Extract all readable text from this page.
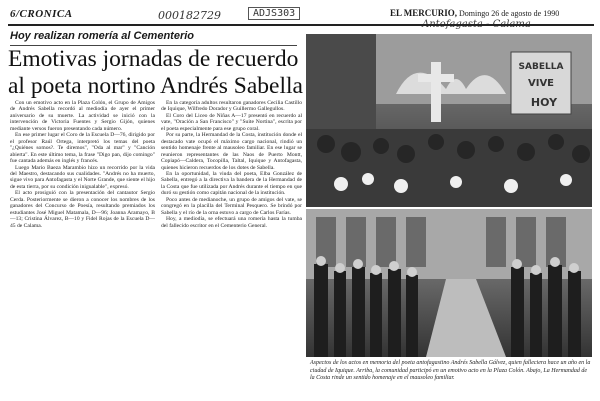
6/CRONICA	000182729	ADJS303	EL MERCURIO, Domingo 26 de agosto de 1990
Antofagasta - Calama
Hoy realizan romería al Cementerio
Emotivas jornadas de recuerdo al poeta nortino Andrés Sabella

Con un emotivo acto en la Plaza Colón, el Grupo de Amigos de Andrés Sabella recordó al mediodía de ayer el primer aniversario de su muerte. La actividad se inició con la intervención de Victoria Fuentes y Sergio Gijón, quienes mediante versos fueron presentando cada número.

En ese primer lugar el Coro de la Escuela D—76, dirigido por el profesor Raúl Ortega, interpretó los temas del poeta "¿Quiénes somos?. Te diremos", "Oda al mar" y "Canción abierta". En este último tema, la frase "Digo pan, dijo comingo" fue cantada además en inglés y francés.

Luego Mario Baeza Marambio hizo un recorrido por la vida del Maestro, destacando sus cualidades. "Andrés no ha muerto, sigue vivo para Antofagasta y el Norte Grande, que siente el hijo de esta tierra, por su condición inigualable", expresó.

El acto prosiguió con la presentación del cantautor Sergio Cerda. Posteriormente se dieron a conocer los nombres de los ganadores del Concurso de Poesía, resultando premiados los estudiantes José Miguel Matamala, D—96; Joanna Aramayo, B—13; Cristina Álvarez, B—10 y Fidel Rojas de la Escuela D—45 de Calama.

En la categoría adultos resultaron ganadores Cecilia Castillo de Iquique, Wilfredo Dorador y Guillermo Gallegullos.

El Coro del Liceo de Niñas A—17 presentó en recuerdo al vate, "Oración a San Francisco" y "Suite Nortina", escrita por el poeta especialmente para ese grupo coral.

Por su parte, la Hermandad de la Costa, institución donde el destacado vate ocupó el máximo cargo nacional, rindió un sentido homenaje frente al mausoleo familiar. En ese lugar se reunieron representantes de las Naos de Puerto Montt, Copiapó—Caldera, Tocopilla, Taltal, Iquique y Antofagasta, quienes hicieron recuerdos de los dotes de Sabella.

En la oportunidad, la viuda del poeta, Elba González de Sabella, entregó a la directiva la bandera de la Hermandad de la Costa que fue utilizada por Andrés durante el tiempo en que duró su gestión como capitán nacional de la institución.

Poco antes de medianoche, un grupo de amigos del vate, se congregó en la placilla del Terminal Pesquero. Se brindó por Sabella y el río de la orna estuvo a cargo de Carlos Farías.

Hoy, a mediodía, se efectuará una romería hasta la tumba del fallecido escritor en el Cementerio General.

SABELLA
VIVE
HOY
Aspectos de los actos en memoria del poeta antofagastino Andrés Sabella Gálvez, quien falleciera hace un año en la ciudad de Iquique. Arriba, la comunidad participó en un emotivo acto en la Plaza Colón. Abajo, La Hermandad de la Costa rinde un sentido homenaje en el mausoleo familiar.
